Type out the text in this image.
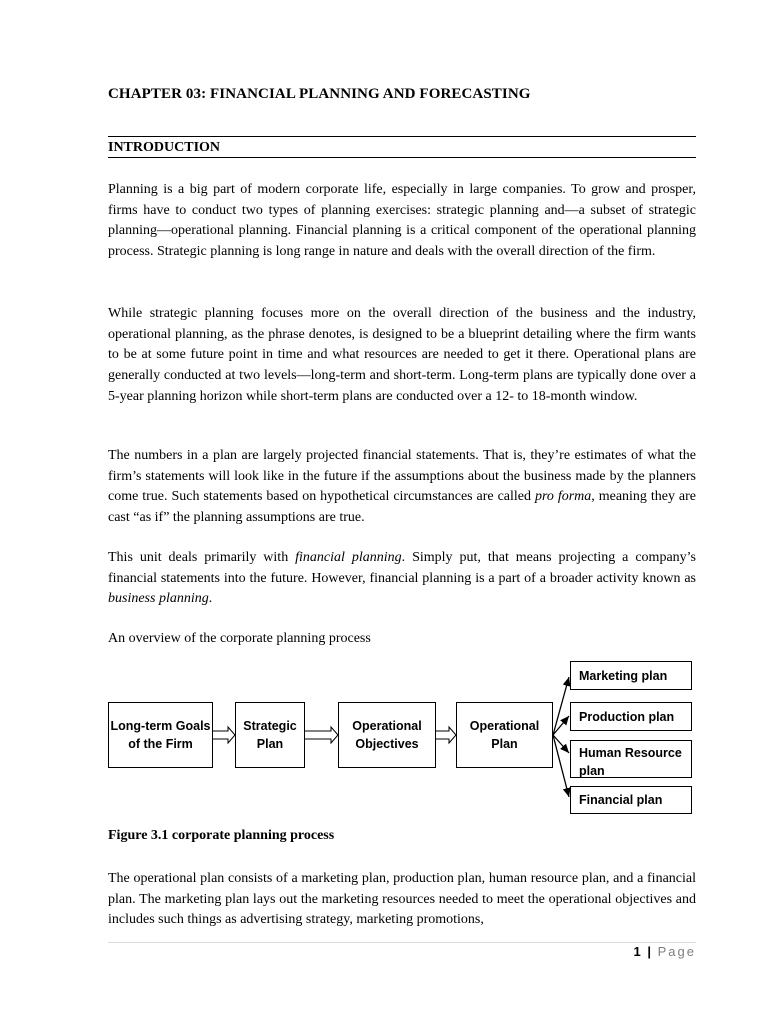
CHAPTER 03: FINANCIAL PLANNING AND FORECASTING
INTRODUCTION

Planning is a big part of modern corporate life, especially in large companies. To grow and prosper, firms have to conduct two types of planning exercises: strategic planning and—a subset of strategic planning—operational planning. Financial planning is a critical component of the operational planning process. Strategic planning is long range in nature and deals with the overall direction of the firm.

While strategic planning focuses more on the overall direction of the business and the industry, operational planning, as the phrase denotes, is designed to be a blueprint detailing where the firm wants to be at some future point in time and what resources are needed to get it there. Operational plans are generally conducted at two levels—long-term and short-term. Long-term plans are typically done over a 5-year planning horizon while short-term plans are conducted over a 12- to 18-month window.

The numbers in a plan are largely projected financial statements. That is, they’re estimates of what the firm’s statements will look like in the future if the assumptions about the business made by the planners come true. Such statements based on hypothetical circumstances are called pro forma, meaning they are cast “as if” the planning assumptions are true.

This unit deals primarily with financial planning. Simply put, that means projecting a company’s financial statements into the future. However, financial planning is a part of a broader activity known as business planning.

An overview of the corporate planning process
Long-term Goals of the Firm
Strategic Plan
Operational Objectives
Operational Plan
Marketing plan
Production plan
Human Resource plan
Financial plan
Figure 3.1 corporate planning process

The operational plan consists of a marketing plan, production plan, human resource plan, and a financial plan. The marketing plan lays out the marketing resources needed to meet the operational objectives and includes such things as advertising strategy, marketing promotions,

1 | Page
